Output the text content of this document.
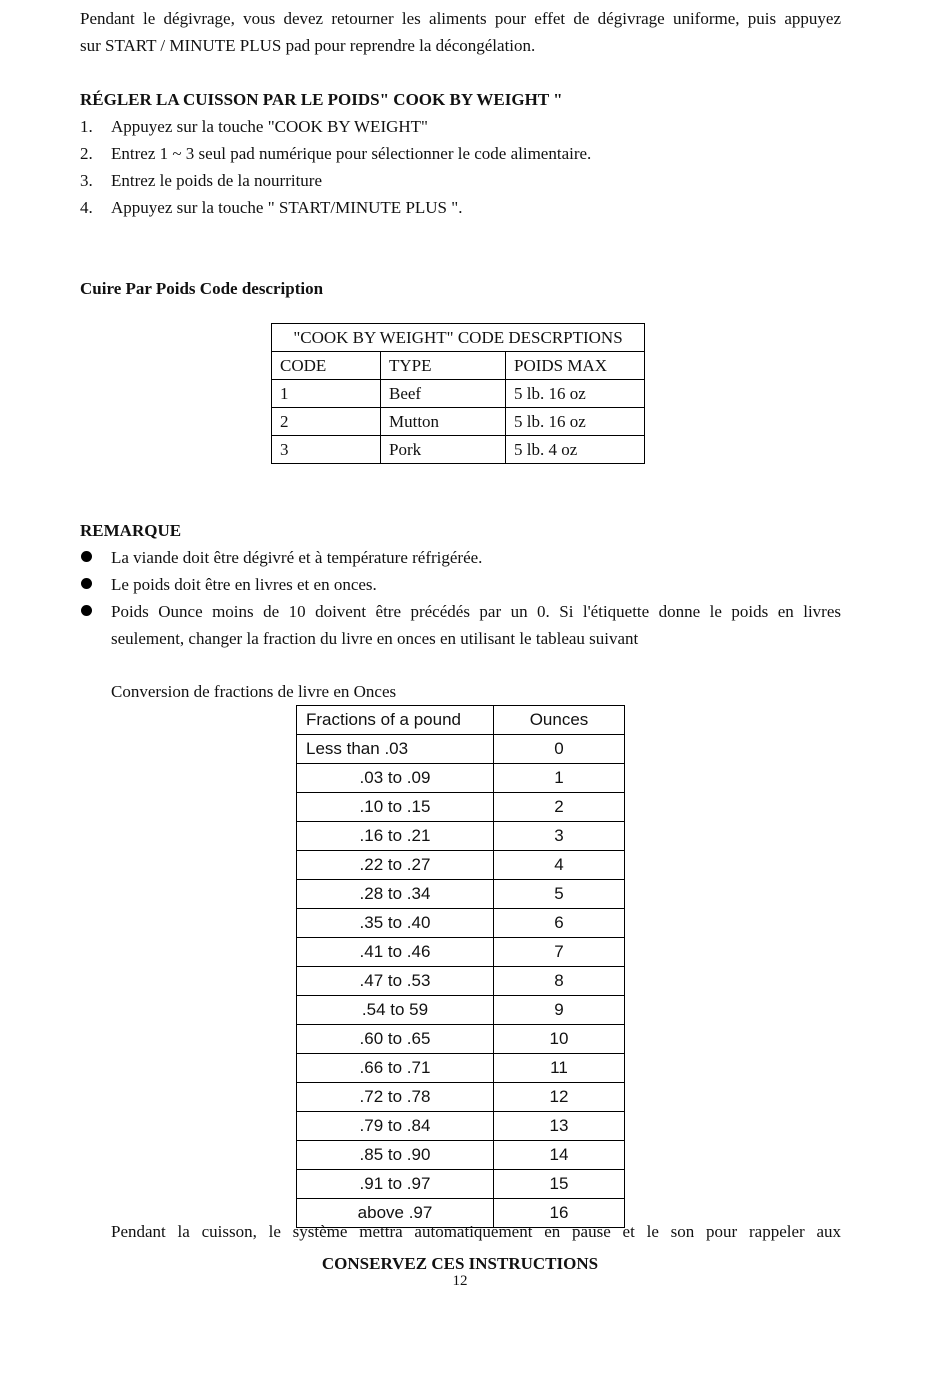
Pendant le dégivrage, vous devez retourner les aliments pour effet de dégivrage uniforme, puis appuyez
sur START / MINUTE PLUS pad pour reprendre la décongélation.
RÉGLER LA CUISSON PAR LE POIDS" COOK BY WEIGHT "
1. Appuyez sur la touche "COOK BY WEIGHT"
2. Entrez 1 ~ 3 seul pad numérique pour sélectionner le code alimentaire.
3. Entrez le poids de la nourriture
4. Appuyez sur la touche " START/MINUTE PLUS ".
Cuire Par Poids Code description
"COOK BY WEIGHT" CODE DESCRPTIONS		
CODE	TYPE	POIDS MAX
1	Beef	5 lb. 16 oz
2	Mutton	5 lb. 16 oz
3	Pork	5 lb. 4 oz
REMARQUE
La viande doit être dégivré et à température réfrigérée.
Le poids doit être en livres et en onces.
Poids Ounce moins de 10 doivent être précédés par un 0. Si l'étiquette donne le poids en livres
seulement, changer la fraction du livre en onces en utilisant le tableau suivant
Conversion de fractions de livre en Onces
Fractions of a pound	Ounces
Less than .03	0
.03 to .09	1
.10 to .15	2
.16 to .21	3
.22 to .27	4
.28 to .34	5
.35 to .40	6
.41 to .46	7
.47 to .53	8
.54 to 59	9
.60 to .65	10
.66 to .71	11
.72 to .78	12
.79 to .84	13
.85 to .90	14
.91 to .97	15
above .97	16
Pendant la cuisson, le système mettra automatiquement en pause et le son pour rappeler aux
CONSERVEZ CES INSTRUCTIONS
12
